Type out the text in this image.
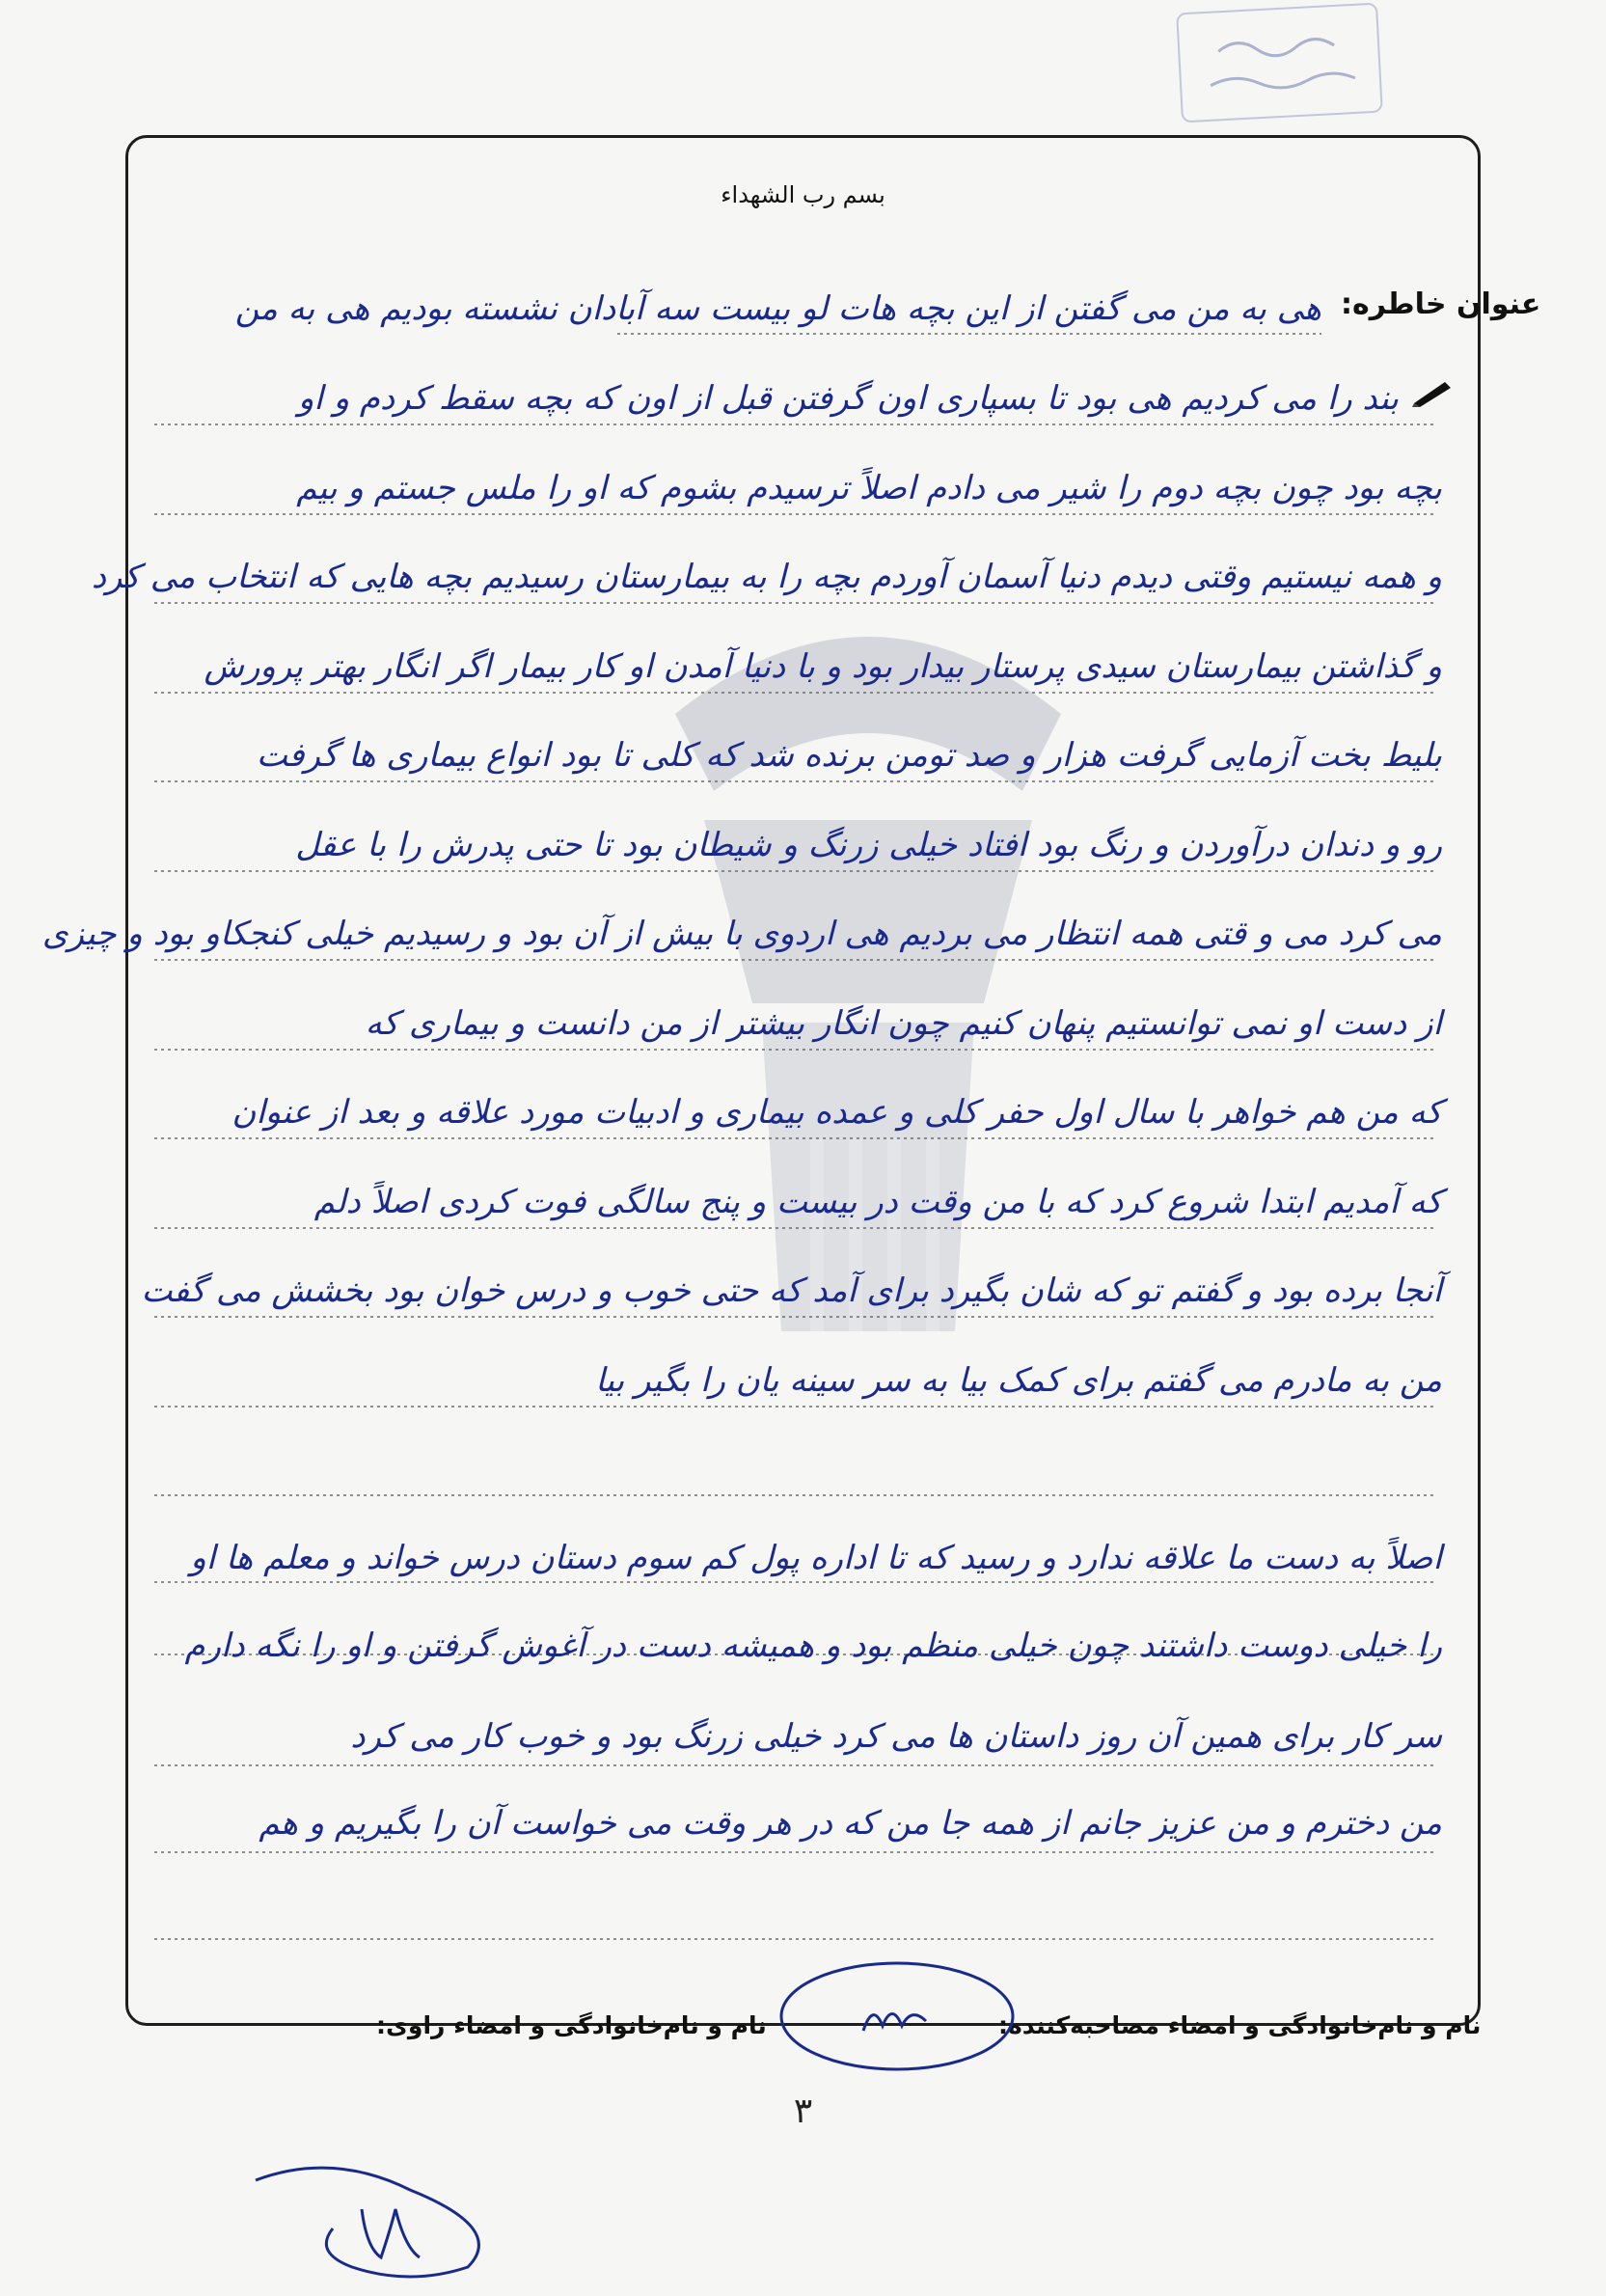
بسم رب الشهداء
عنوان خاطره:
هی به من می گفتن از این بچه هات لو بیست سه آبادان نشسته بودیم هی به من
بند را می کردیم هی بود تا بسپاری اون گرفتن قبل از اون که بچه سقط کردم و او
بچه بود چون بچه دوم را شیر می دادم اصلاً ترسیدم بشوم که او را ملس جستم و بیم
و همه نیستیم وقتی دیدم دنیا آسمان آوردم بچه را به بیمارستان رسیدیم بچه هایی که انتخاب می کرد
و گذاشتن بیمارستان سیدی پرستار بیدار بود و با دنیا آمدن او کار بیمار اگر انگار بهتر پرورش
بلیط بخت آزمایی گرفت هزار و صد تومن برنده شد که کلی تا بود انواع بیماری ها گرفت
رو و دندان درآوردن و رنگ بود افتاد خیلی زرنگ و شیطان بود تا حتی پدرش را با عقل
می کرد می و قتی همه انتظار می بردیم هی اردوی با بیش از آن بود و رسیدیم خیلی کنجکاو بود و چیزی
از دست او نمی توانستیم پنهان کنیم چون انگار بیشتر از من دانست و بیماری که
که من هم خواهر با سال اول حفر کلی و عمده بیماری و ادبیات مورد علاقه و بعد از عنوان
که آمدیم ابتدا شروع کرد که با من وقت در بیست و پنج سالگی فوت کردی اصلاً دلم
آنجا برده بود و گفتم تو که شان بگیرد برای آمد که حتی خوب و درس خوان بود بخشش می گفت
من به مادرم می گفتم برای کمک بیا به سر سینه یان را بگیر بیا
اصلاً به دست ما علاقه ندارد و رسید که تا اداره پول کم سوم دستان درس خواند و معلم ها او
را خیلی دوست داشتند چون خیلی منظم بود و همیشه دست در آغوش گرفتن و او را نگه دارم
سر کار برای همین آن روز داستان ها می کرد خیلی زرنگ بود و خوب کار می کرد
من دخترم و من عزیز جانم از همه جا من که در هر وقت می خواست آن را بگیریم و هم
نام و نام‌خانوادگی و امضاء مصاحبه‌کننده:
نام و نام‌خانوادگی و امضاء راوی:
۳
